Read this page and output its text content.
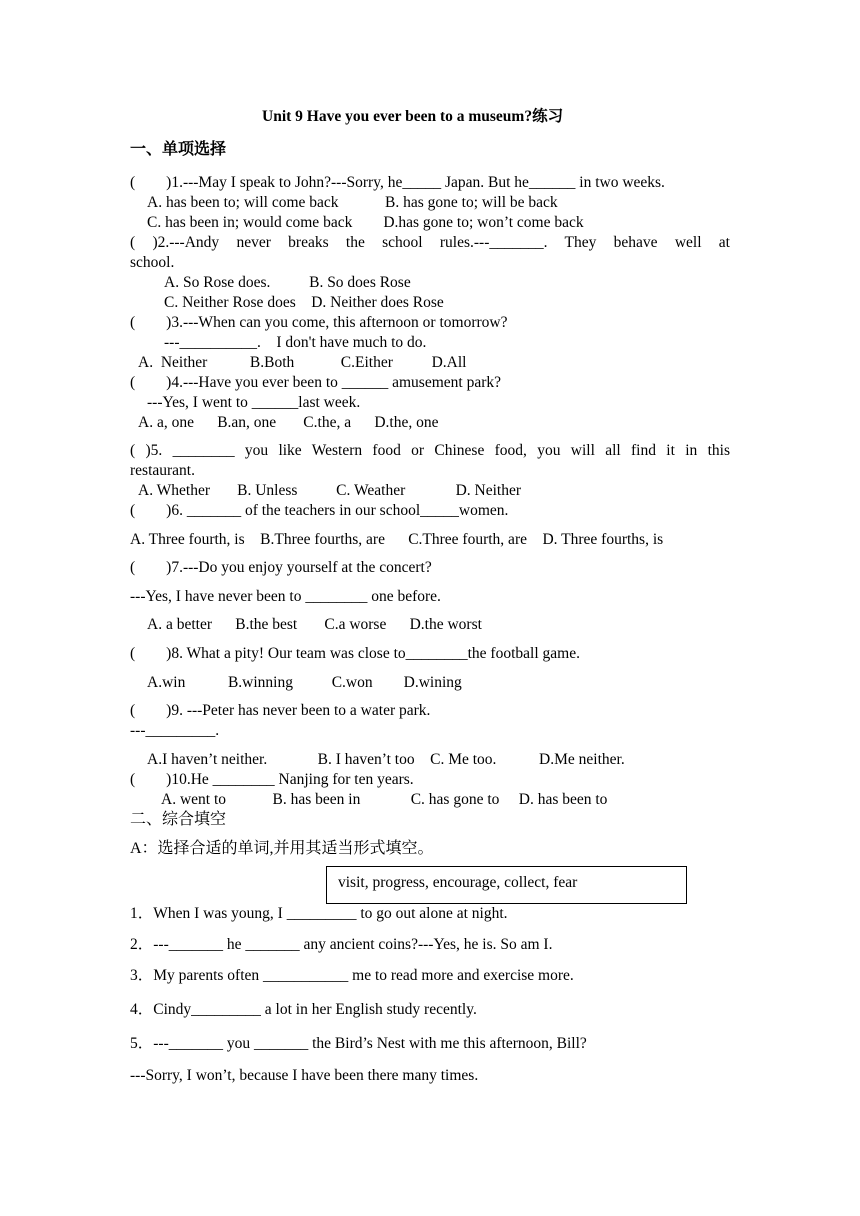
Unit 9 Have you ever been to a museum?练习
一、单项选择
(        )1.---May I speak to John?---Sorry, he_____ Japan. But he______ in two weeks.
A. has been to; will come back            B. has gone to; will be back
C. has been in; would come back        D.has gone to; won’t come back
( )2.---Andy never breaks the school rules.---_______. They behave well at
school.
A. So Rose does.          B. So does Rose
C. Neither Rose does    D. Neither does Rose
(        )3.---When can you come, this afternoon or tomorrow?
---__________.    I don't have much to do.
A.  Neither           B.Both            C.Either          D.All
(        )4.---Have you ever been to ______ amusement park?
---Yes, I went to ______last week.
A. a, one      B.an, one       C.the, a      D.the, one
( )5. ________ you like Western food or Chinese food, you will all find it in this
restaurant.
A. Whether       B. Unless          C. Weather             D. Neither
(        )6. _______ of the teachers in our school_____women.
A. Three fourth, is    B.Three fourths, are      C.Three fourth, are    D. Three fourths, is
(        )7.---Do you enjoy yourself at the concert?
---Yes, I have never been to ________ one before.
A. a better      B.the best       C.a worse      D.the worst
(        )8. What a pity! Our team was close to________the football game.
A.win           B.winning          C.won        D.wining
(        )9. ---Peter has never been to a water park.
---_________.
A.I haven’t neither.             B. I haven’t too    C. Me too.           D.Me neither.
(        )10.He ________ Nanjing for ten years.
A. went to            B. has been in             C. has gone to     D. has been to
二、综合填空
A：选择合适的单词,并用其适当形式填空。
visit, progress, encourage, collect, fear
1．When I was young, I _________ to go out alone at night.
2．---_______ he _______ any ancient coins?---Yes, he is. So am I.
3．My parents often ___________ me to read more and exercise more.
4．Cindy_________ a lot in her English study recently.
5．---_______ you _______ the Bird’s Nest with me this afternoon, Bill?
---Sorry, I won’t, because I have been there many times.
